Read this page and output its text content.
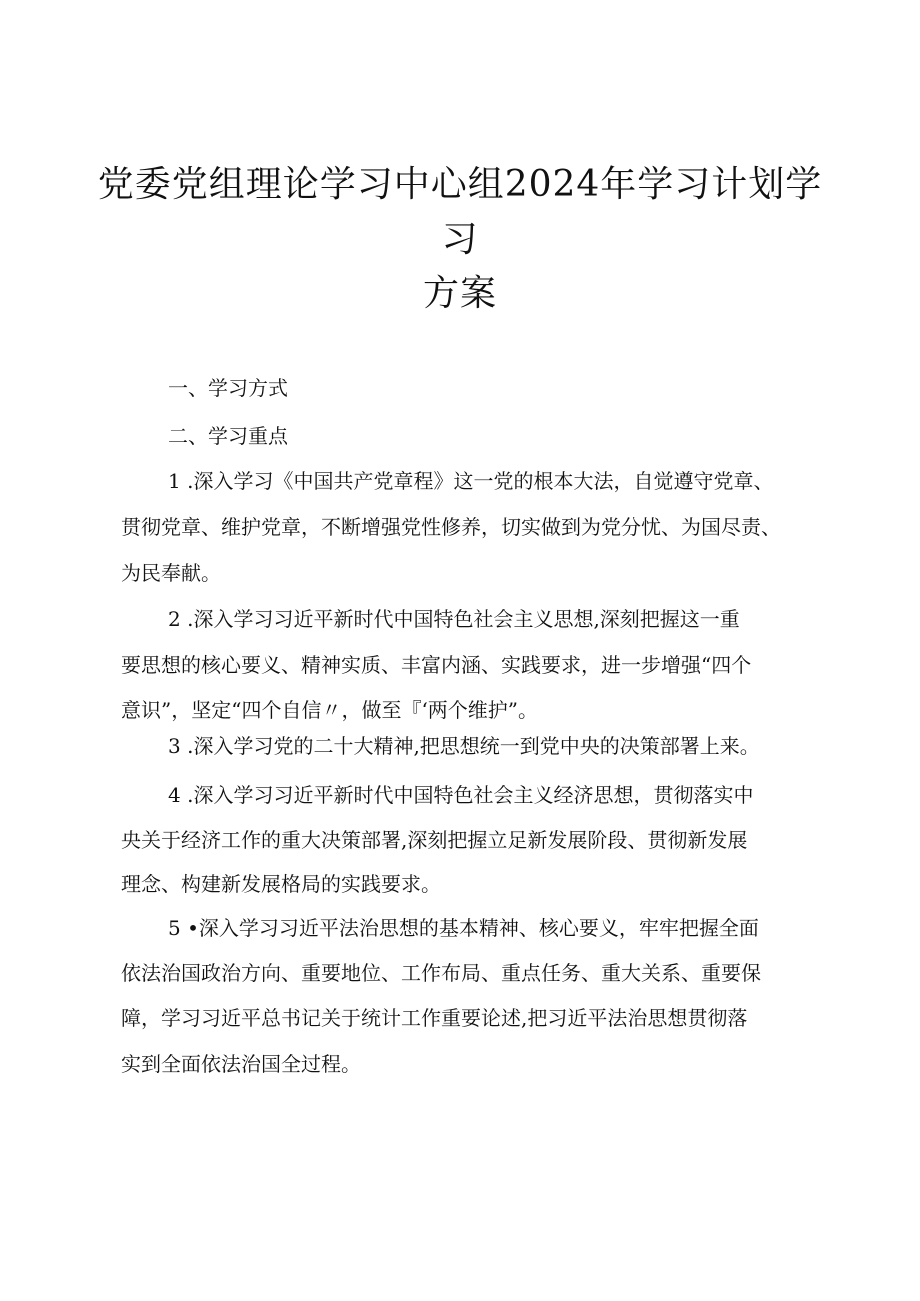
党委党组理论学习中心组2024年学习计划学
习
方案
一、学习方式
二、学习重点
1 .深入学习《中国共产党章程》这一党的根本大法，自觉遵守党章、
贯彻党章、维护党章，不断增强党性修养，切实做到为党分忧、为国尽责、
为民奉献。
2 .深入学习习近平新时代中国特色社会主义思想,深刻把握这一重
要思想的核心要义、精神实质、丰富内涵、实践要求，进一步增强“四个
意识”，坚定“四个自信〃，做至『‘两个维护”。
3 .深入学习党的二十大精神,把思想统一到党中央的决策部署上来。
4 .深入学习习近平新时代中国特色社会主义经济思想，贯彻落实中
央关于经济工作的重大决策部署,深刻把握立足新发展阶段、贯彻新发展
理念、构建新发展格局的实践要求。
5 •深入学习习近平法治思想的基本精神、核心要义，牢牢把握全面
依法治国政治方向、重要地位、工作布局、重点任务、重大关系、重要保
障，学习习近平总书记关于统计工作重要论述,把习近平法治思想贯彻落
实到全面依法治国全过程。
